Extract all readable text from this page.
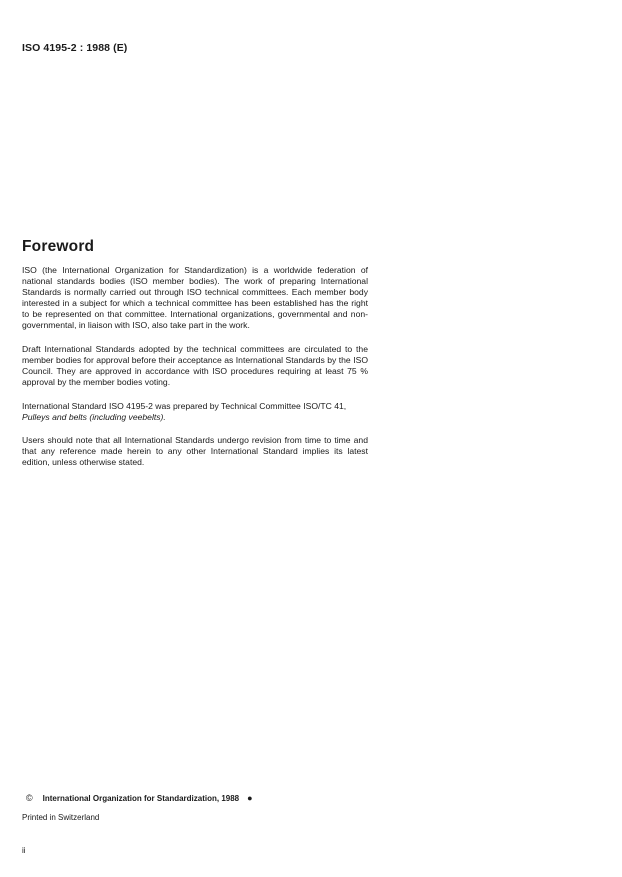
ISO 4195-2 : 1988 (E)
Foreword

ISO (the International Organization for Standardization) is a worldwide federation of national standards bodies (ISO member bodies). The work of preparing International Standards is normally carried out through ISO technical committees. Each member body interested in a subject for which a technical committee has been established has the right to be represented on that committee. International organizations, governmental and non-governmental, in liaison with ISO, also take part in the work.

Draft International Standards adopted by the technical committees are circulated to the member bodies for approval before their acceptance as International Standards by the ISO Council. They are approved in accordance with ISO procedures requiring at least 75 % approval by the member bodies voting.

International Standard ISO 4195-2 was prepared by Technical Committee ISO/TC 41,
Pulleys and belts (including veebelts).

Users should note that all International Standards undergo revision from time to time and that any reference made herein to any other International Standard implies its latest edition, unless otherwise stated.

© International Organization for Standardization, 1988 ●
Printed in Switzerland
ii
